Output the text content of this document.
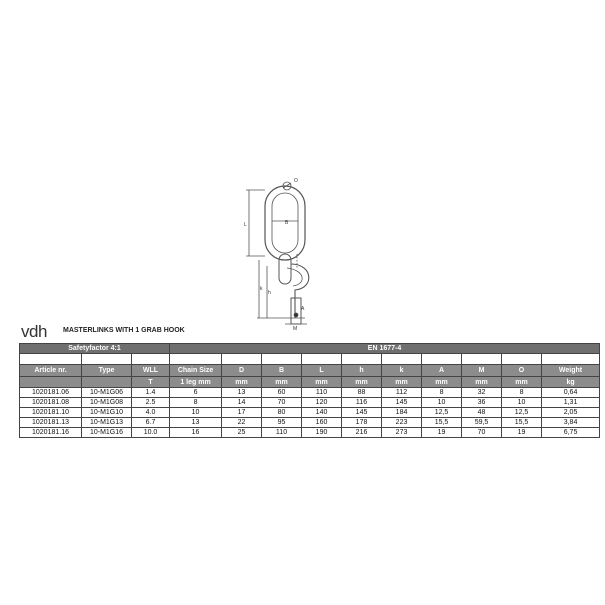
O
B
L
k
h
M
A
vdh MASTERLINKS WITH 1 GRAB HOOK
Safetyfactor 4:1			EN 1677-4									

Article nr.	Type	WLL	Chain Size	D	B	L	h	k	A	M	O	Weight
		T	1 leg mm	mm	mm	mm	mm	mm	mm	mm	mm	kg
1020181.06	10-M1G06	1.4	6	13	60	110	88	112	8	32	8	0,64
1020181.08	10-M1G08	2.5	8	14	70	120	116	145	10	36	10	1,31
1020181.10	10-M1G10	4.0	10	17	80	140	145	184	12,5	48	12,5	2,05
1020181.13	10-M1G13	6.7	13	22	95	160	178	223	15,5	59,5	15,5	3,84
1020181.16	10-M1G16	10.0	16	25	110	190	216	273	19	70	19	6,75
